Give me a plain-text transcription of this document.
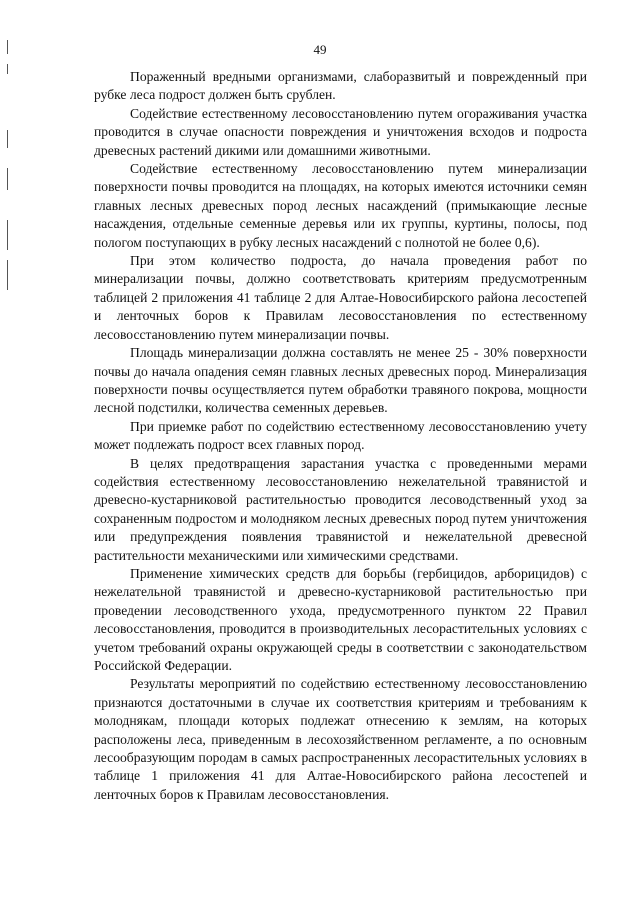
49

Пораженный вредными организмами, слаборазвитый и поврежденный при рубке леса подрост должен быть срублен.

Содействие естественному лесовосстановлению путем огораживания участка проводится в случае опасности повреждения и уничтожения всходов и подроста древесных растений дикими или домашними животными.

Содействие естественному лесовосстановлению путем минерализации поверхности почвы проводится на площадях, на которых имеются источники семян главных лесных древесных пород лесных насаждений (примыкающие лесные насаждения, отдельные семенные деревья или их группы, куртины, полосы, под пологом поступающих в рубку лесных насаждений с полнотой не более 0,6).

При этом количество подроста, до начала проведения работ по минерализации почвы, должно соответствовать критериям предусмотренным таблицей 2 приложения 41 таблице 2 для Алтае-Новосибирского района лесостепей и ленточных боров к Правилам лесовосстановления по естественному лесовосстановлению путем минерализации почвы.

Площадь минерализации должна составлять не менее 25 - 30% поверхности почвы до начала опадения семян главных лесных древесных пород. Минерализация поверхности почвы осуществляется путем обработки травяного покрова, мощности лесной подстилки, количества семенных деревьев.

При приемке работ по содействию естественному лесовосстановлению учету может подлежать подрост всех главных пород.

В целях предотвращения зарастания участка с проведенными мерами содействия естественному лесовосстановлению нежелательной травянистой и древесно-кустарниковой растительностью проводится лесоводственный уход за сохраненным подростом и молодняком лесных древесных пород путем уничтожения или предупреждения появления травянистой и нежелательной древесной растительности механическими или химическими средствами.

Применение химических средств для борьбы (гербицидов, арборицидов) с нежелательной травянистой и древесно-кустарниковой растительностью при проведении лесоводственного ухода, предусмотренного пунктом 22 Правил лесовосстановления, проводится в производительных лесорастительных условиях с учетом требований охраны окружающей среды в соответствии с законодательством Российской Федерации.

Результаты мероприятий по содействию естественному лесовосстановлению признаются достаточными в случае их соответствия критериям и требованиям к молоднякам, площади которых подлежат отнесению к землям, на которых расположены леса, приведенным в лесохозяйственном регламенте, а по основным лесообразующим породам в самых распространенных лесорастительных условиях в таблице 1 приложения 41 для Алтае-Новосибирского района лесостепей и ленточных боров к Правилам лесовосстановления.
